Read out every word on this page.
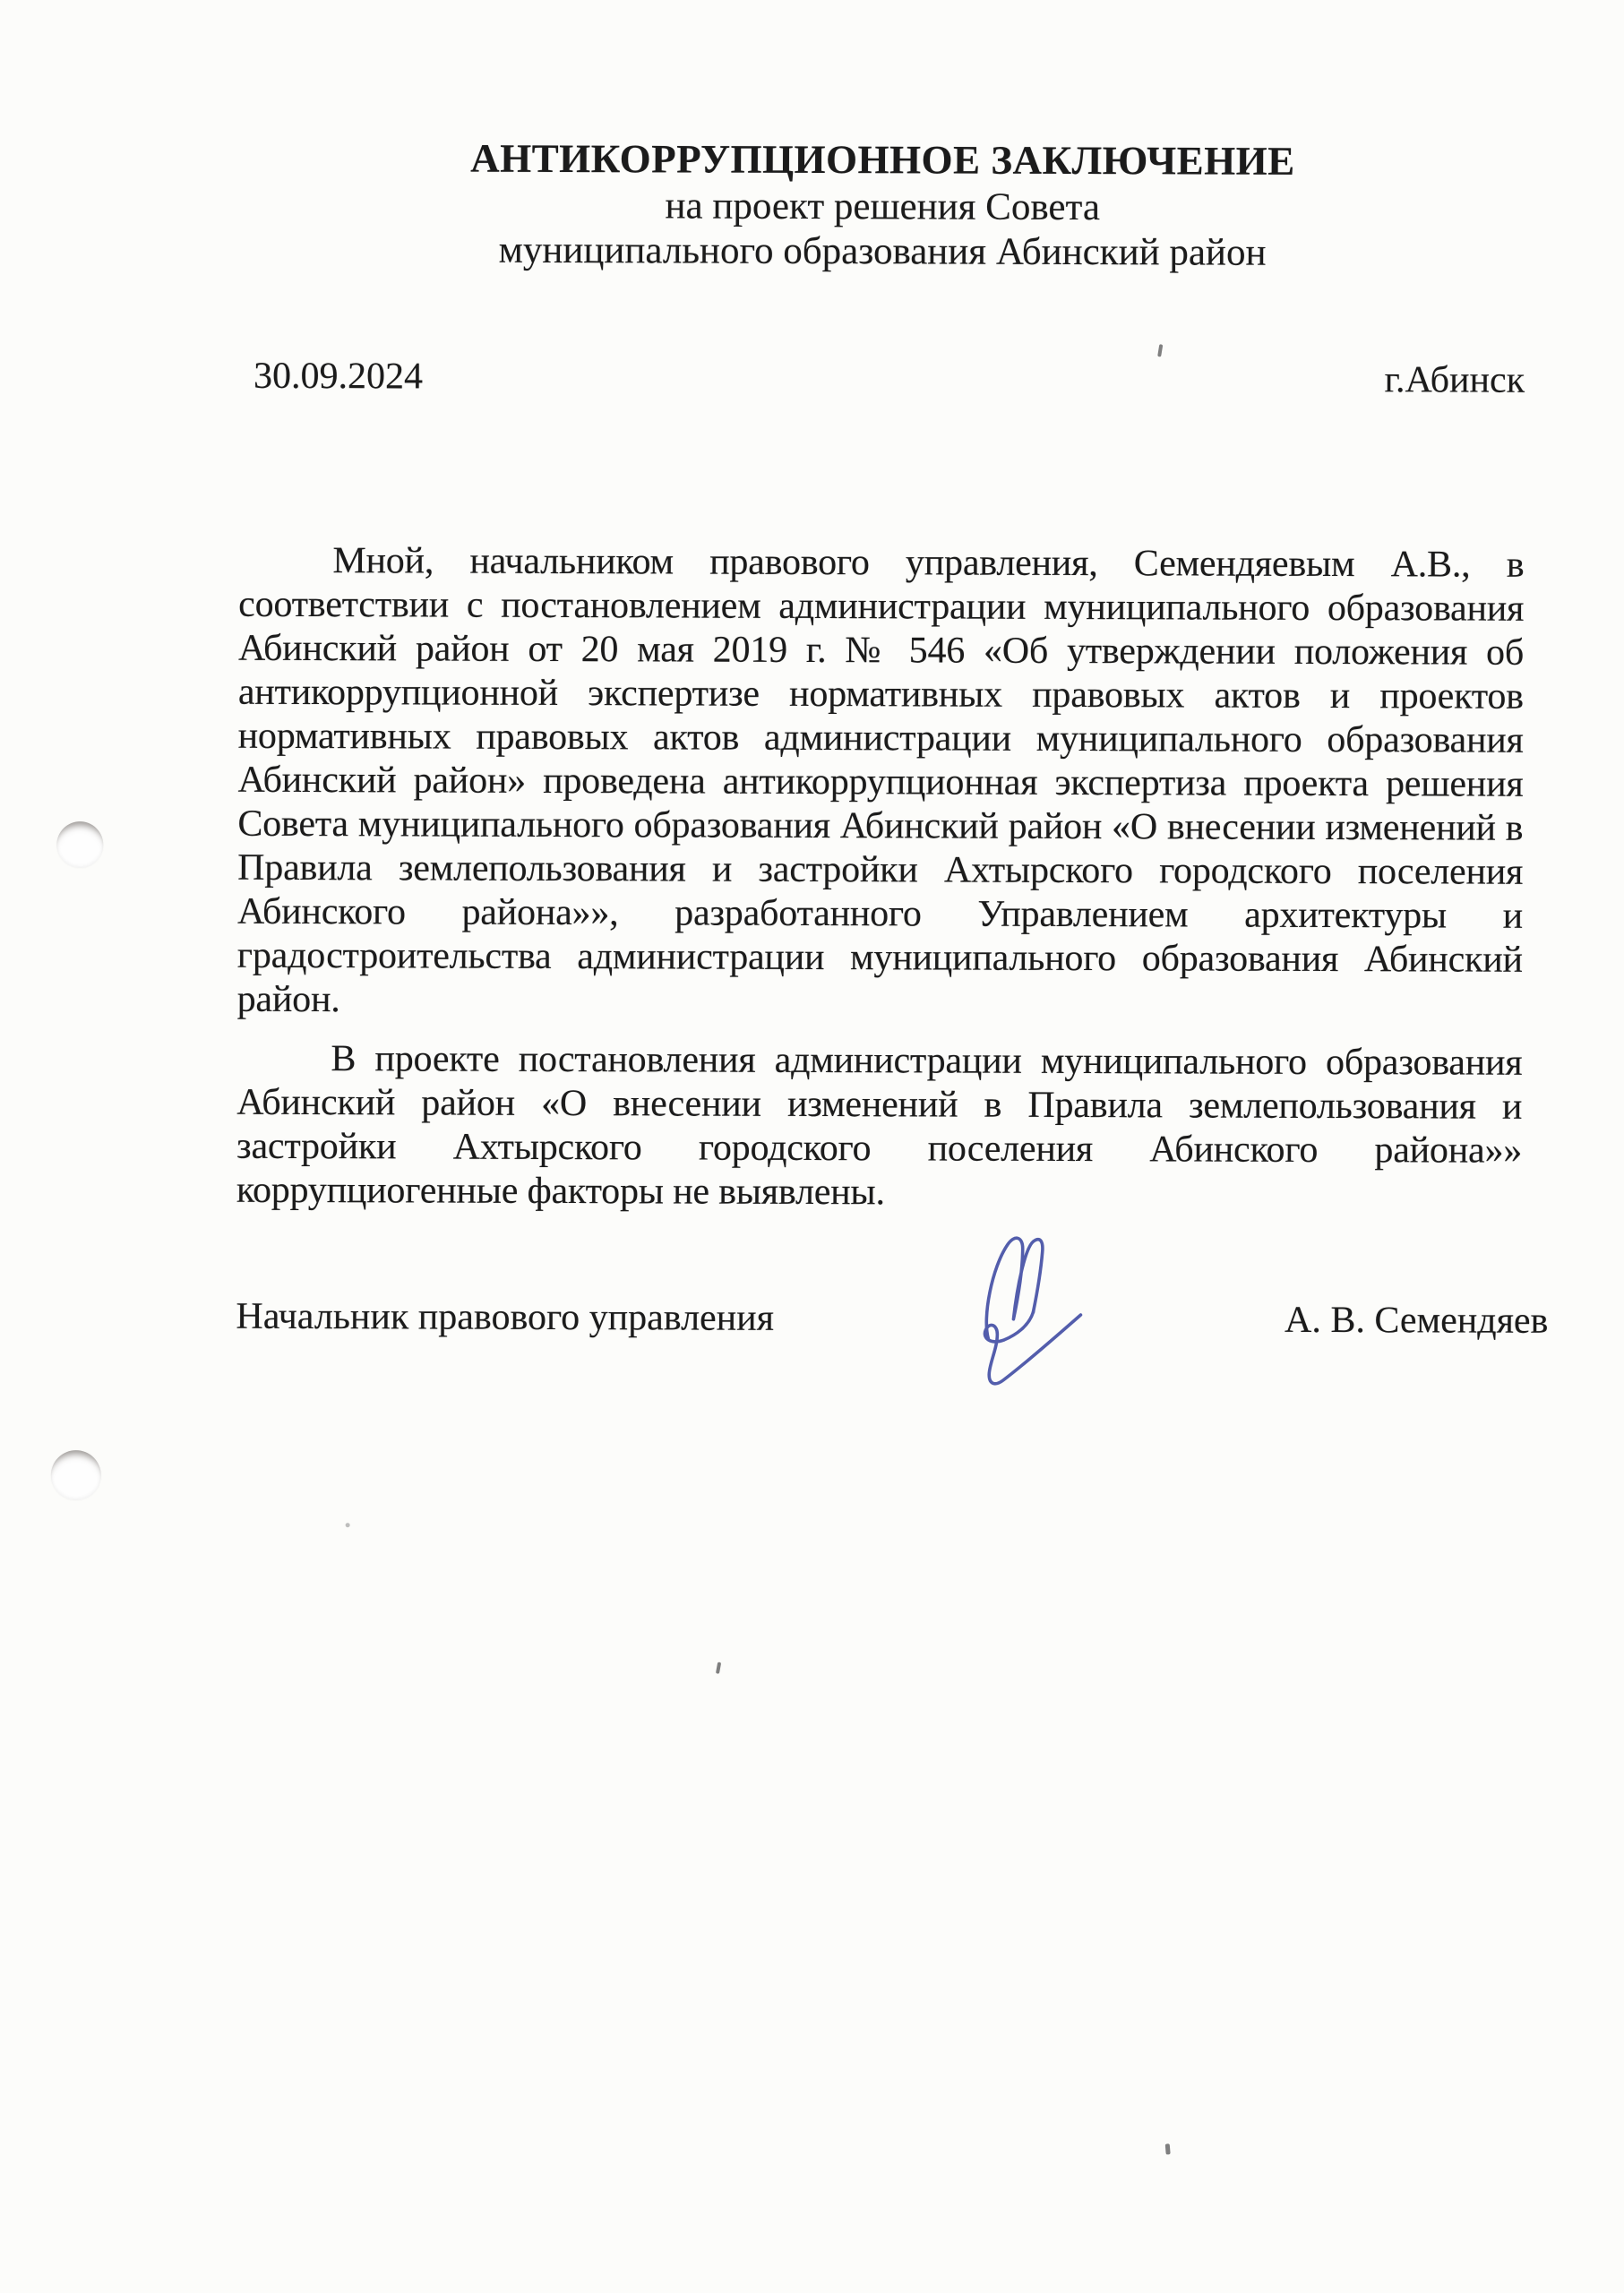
АНТИКОРРУПЦИОННОЕ ЗАКЛЮЧЕНИЕ
на проект решения Совета
муниципального образования Абинский район
30.09.2024	г.Абинск
Мной, начальником правового управления, Семендяевым А.В., в
соответствии с постановлением администрации муниципального образования
Абинский район от 20 мая 2019 г. № 546 «Об утверждении положения об
антикоррупционной экспертизе нормативных правовых актов и проектов
нормативных правовых актов администрации муниципального образования
Абинский район» проведена антикоррупционная экспертиза проекта решения
Совета муниципального образования Абинский район «О внесении изменений в
Правила землепользования и застройки Ахтырского городского поселения
Абинского района»», разработанного Управлением архитектуры и
градостроительства администрации муниципального образования Абинский
район.
В проекте постановления администрации муниципального образования
Абинский район «О внесении изменений в Правила землепользования и
застройки Ахтырского городского поселения Абинского района»»
коррупциогенные факторы не выявлены.
Начальник правового управления	А. В. Семендяев
